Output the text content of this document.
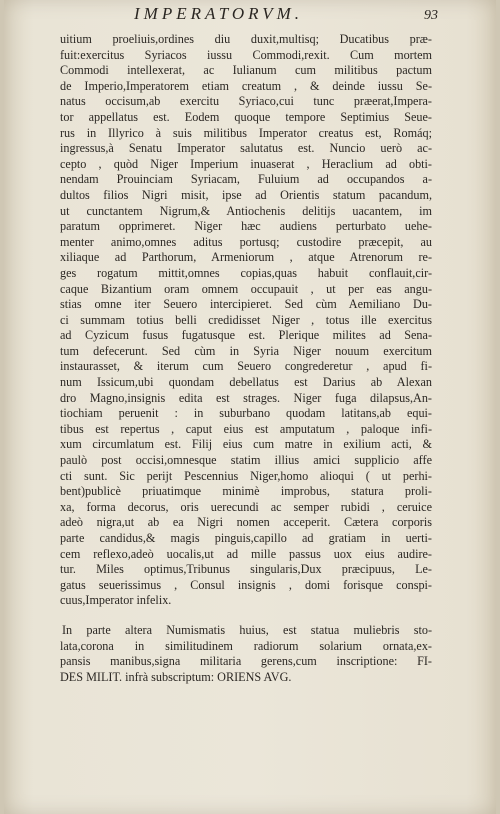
IMPERATORVM.	93
uitium proeliuis,ordines diu duxit,multisq; Ducatibus præ-
fuit:exercitus Syriacos iussu Commodi,rexit. Cum mortem
Commodi intellexerat, ac Iulianum cum militibus pactum
de Imperio,Imperatorem etiam creatum , & deinde iussu Se-
natus occisum,ab exercitu Syriaco,cui tunc præerat,Impera-
tor appellatus est. Eodem quoque tempore Septimius Seue-
rus in Illyrico à suis militibus Imperator creatus est, Romáq;
ingressus,à Senatu Imperator salutatus est. Nuncio uerò ac-
cepto , quòd Niger Imperium inuaserat , Heraclium ad obti-
nendam Prouinciam Syriacam, Fuluium ad occupandos a-
dultos filios Nigri misit, ipse ad Orientis statum pacandum,
ut cunctantem Nigrum,& Antiochenis delitijs uacantem, im
paratum opprimeret. Niger hæc audiens perturbato uehe-
menter animo,omnes aditus portusq; custodire præcepit, au
xiliaque ad Parthorum, Armeniorum , atque Atrenorum re-
ges rogatum mittit,omnes copias,quas habuit conflauit,cir-
caque Bizantium oram omnem occupauit , ut per eas angu-
stias omne iter Seuero intercipieret. Sed cùm Aemiliano Du-
ci summam totius belli credidisset Niger , totus ille exercitus
ad Cyzicum fusus fugatusque est. Plerique milites ad Sena-
tum defecerunt. Sed cùm in Syria Niger nouum exercitum
instaurasset, & iterum cum Seuero congrederetur , apud fi-
num Issicum,ubi quondam debellatus est Darius ab Alexan
dro Magno,insignis edita est strages. Niger fuga dilapsus,An-
tiochiam peruenit : in suburbano quodam latitans,ab equi-
tibus est repertus , caput eius est amputatum , paloque infi-
xum circumlatum est. Filij eius cum matre in exilium acti, &
paulò post occisi,omnesque statim illius amici supplicio affe
cti sunt. Sic perijt Pescennius Niger,homo alioqui ( ut perhi-
bent)publicè priuatimque minimè improbus, statura proli-
xa, forma decorus, oris uerecundi ac semper rubidi , ceruice
adeò nigra,ut ab ea Nigri nomen acceperit. Cætera corporis
parte candidus,& magis pinguis,capillo ad gratiam in uerti-
cem reflexo,adeò uocalis,ut ad mille passus uox eius audire-
tur. Miles optimus,Tribunus singularis,Dux præcipuus, Le-
gatus seuerissimus , Consul insignis , domi forisque conspi-
cuus,Imperator infelix.
In parte altera Numismatis huius, est statua muliebris sto-
lata,corona in similitudinem radiorum solarium ornata,ex-
pansis manibus,signa militaria gerens,cum inscriptione: FI-
DES MILIT. infrà subscriptum: ORIENS AVG.
